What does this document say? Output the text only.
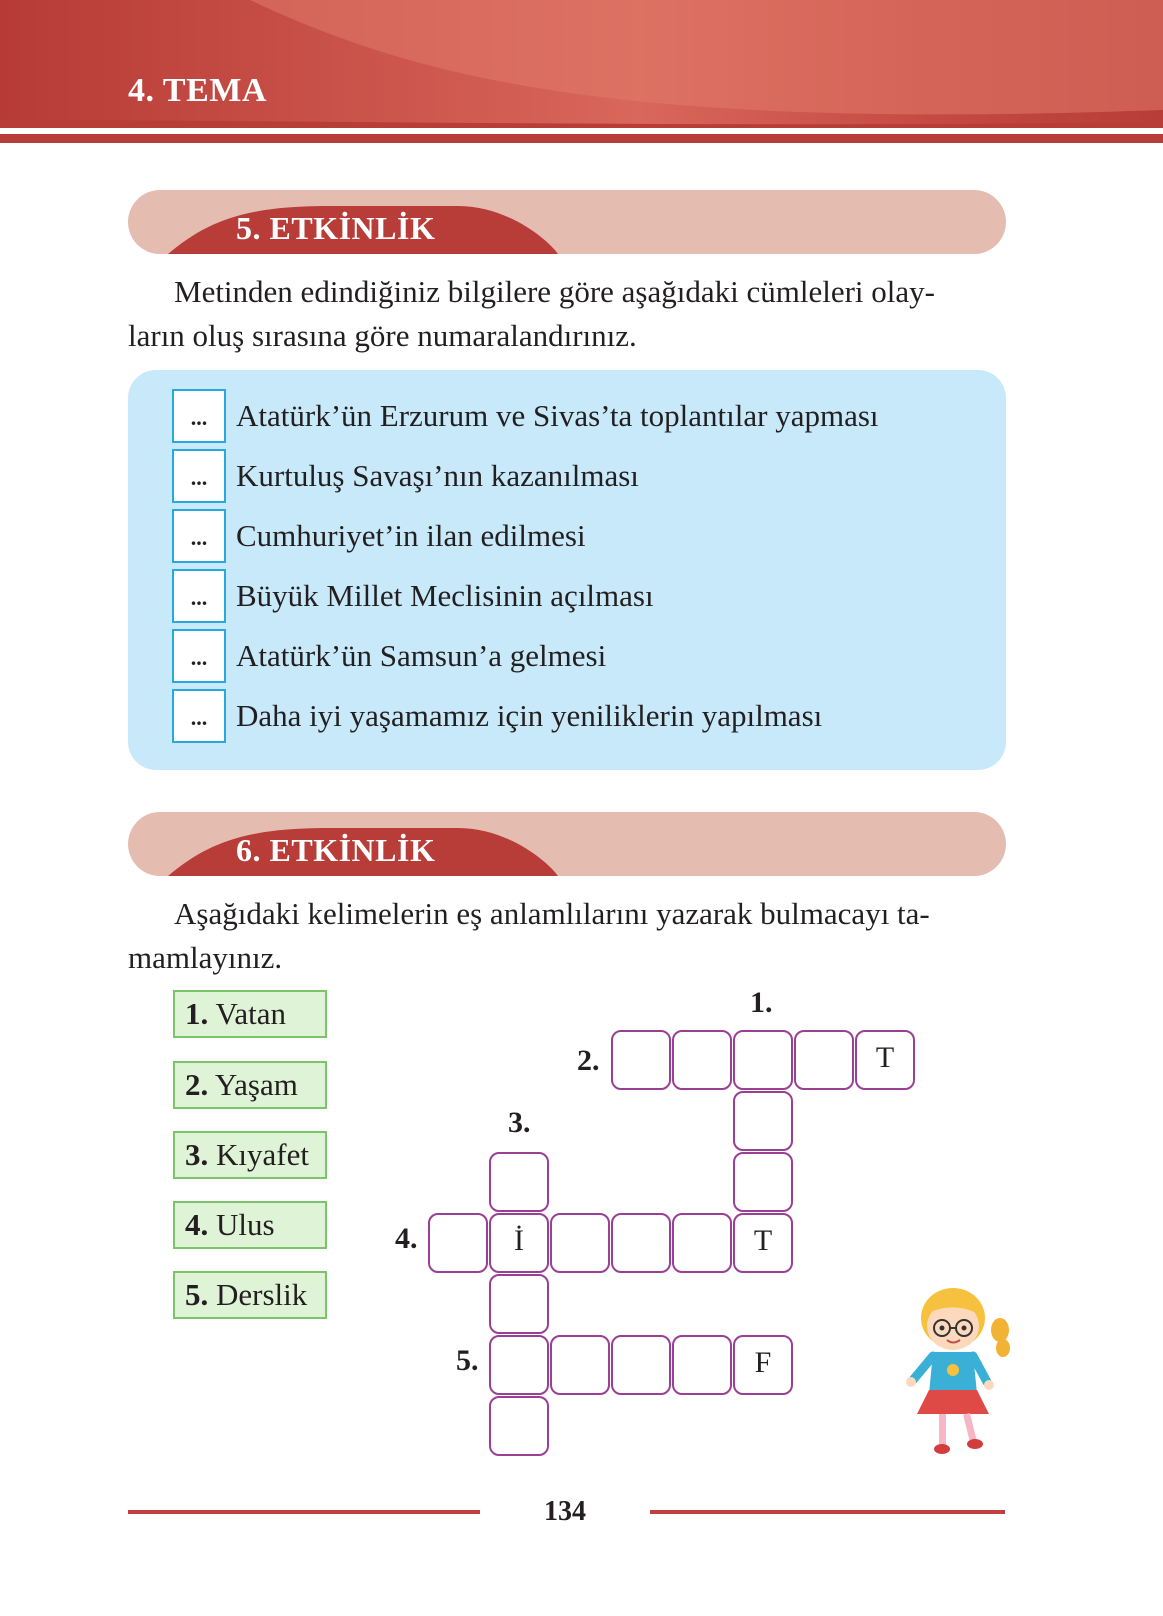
4. TEMA
5. ETKİNLİK
Metinden edindiğiniz bilgilere göre aşağıdaki cümleleri olay-
ların oluş sırasına göre numaralandırınız.
... Atatürk’ün Erzurum ve Sivas’ta toplantılar yapması
... Kurtuluş Savaşı’nın kazanılması
... Cumhuriyet’in ilan edilmesi
... Büyük Millet Meclisinin açılması
... Atatürk’ün Samsun’a gelmesi
... Daha iyi yaşamamız için yeniliklerin yapılması
6. ETKİNLİK
Aşağıdaki kelimelerin eş anlamlılarını yazarak bulmacayı ta-
mamlayınız.
1. Vatan
2. Yaşam
3. Kıyafet
4. Ulus
5. Derslik
1.
2.
3.
4.
5.
T
İ	T
F
134
